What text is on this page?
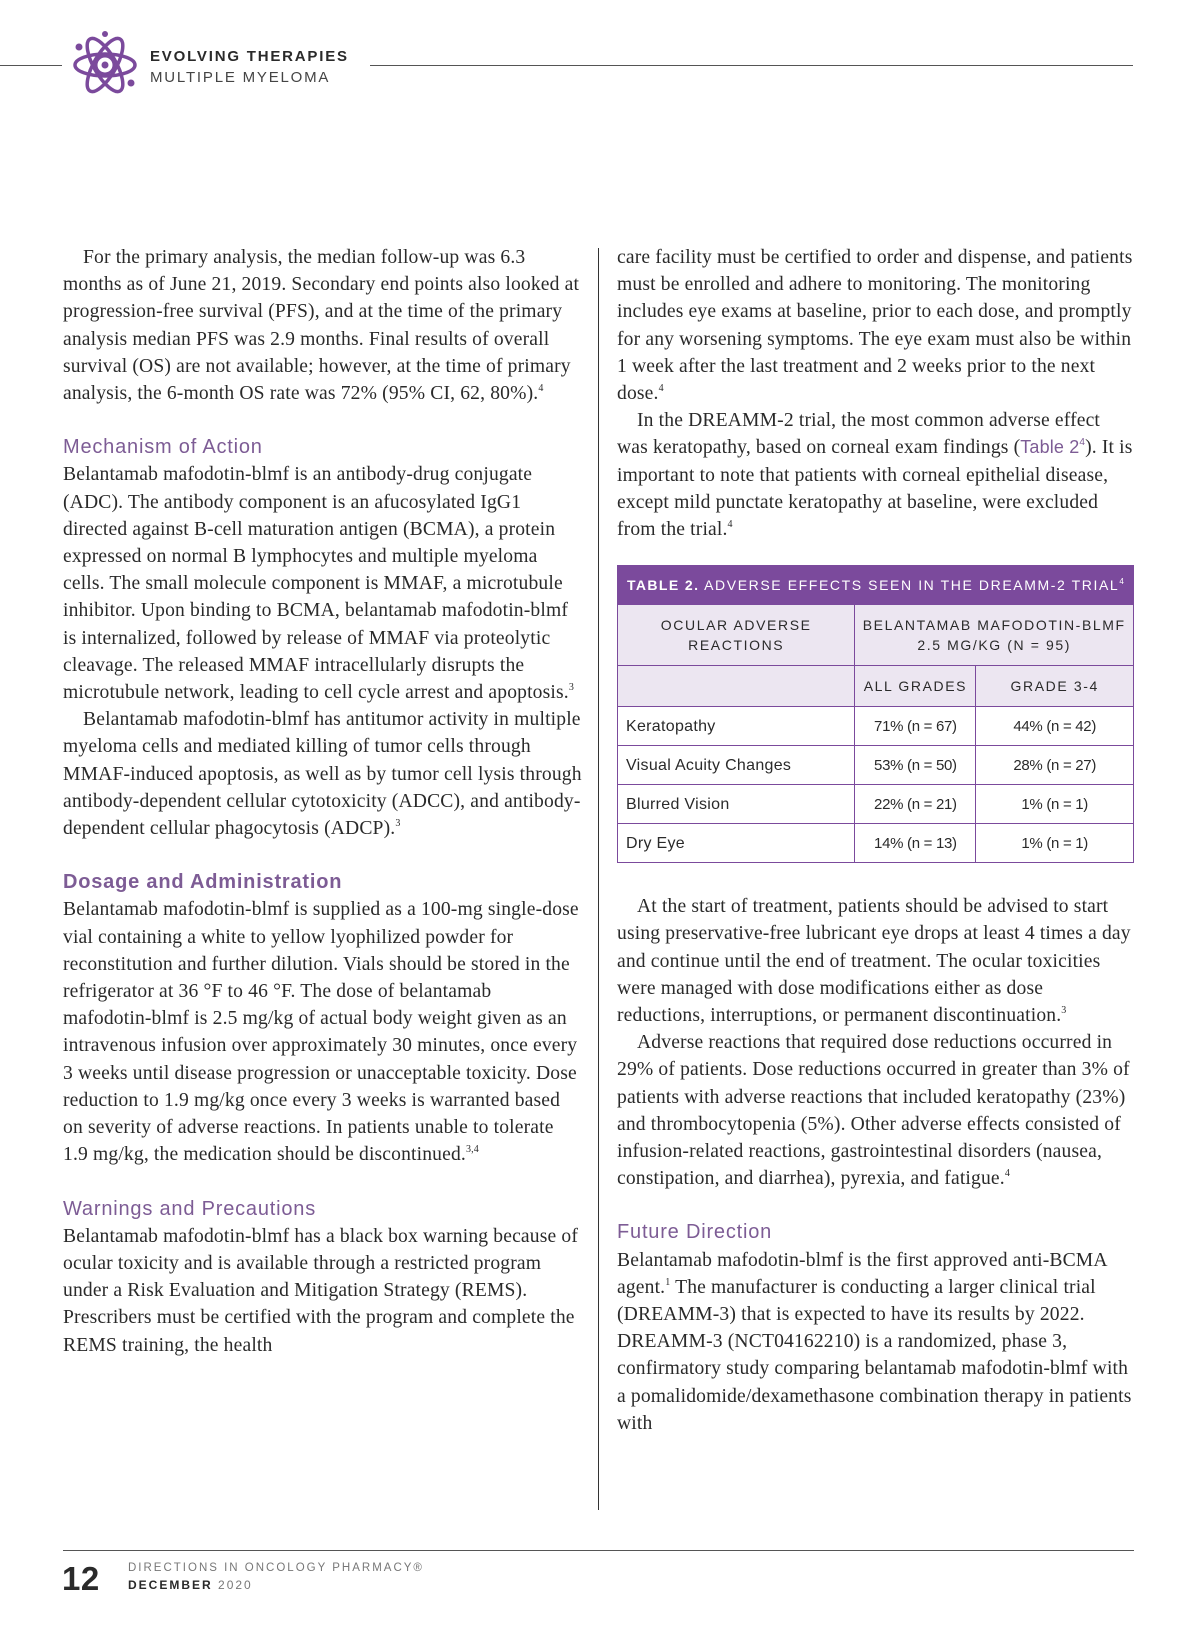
EVOLVING THERAPIES
MULTIPLE MYELOMA

For the primary analysis, the median follow-up was 6.3 months as of June 21, 2019. Secondary end points also looked at progression-free survival (PFS), and at the time of the primary analysis median PFS was 2.9 months. Final results of overall survival (OS) are not available; however, at the time of primary analysis, the 6-month OS rate was 72% (95% CI, 62, 80%).$^4$

Mechanism of Action

Belantamab mafodotin-blmf is an antibody-drug conjugate (ADC). The antibody component is an afucosylated IgG1 directed against B-cell maturation antigen (BCMA), a protein expressed on normal B lymphocytes and multiple myeloma cells. The small molecule component is MMAF, a microtubule inhibitor. Upon binding to BCMA, belantamab mafodotin-blmf is internalized, followed by release of MMAF via proteolytic cleavage. The released MMAF intracellularly disrupts the microtubule network, leading to cell cycle arrest and apoptosis.$^3$

Belantamab mafodotin-blmf has antitumor activity in multiple myeloma cells and mediated killing of tumor cells through MMAF-induced apoptosis, as well as by tumor cell lysis through antibody-dependent cellular cytotoxicity (ADCC), and antibody-dependent cellular phagocytosis (ADCP).$^3$

Dosage and Administration

Belantamab mafodotin-blmf is supplied as a 100-mg single-dose vial containing a white to yellow lyophilized powder for reconstitution and further dilution. Vials should be stored in the refrigerator at 36 °F to 46 °F. The dose of belantamab mafodotin-blmf is 2.5 mg/kg of actual body weight given as an intravenous infusion over approximately 30 minutes, once every 3 weeks until disease progression or unacceptable toxicity. Dose reduction to 1.9 mg/kg once every 3 weeks is warranted based on severity of adverse reactions. In patients unable to tolerate 1.9 mg/kg, the medication should be discontinued.$^{3,4}$

Warnings and Precautions

Belantamab mafodotin-blmf has a black box warning because of ocular toxicity and is available through a restricted program under a Risk Evaluation and Mitigation Strategy (REMS). Prescribers must be certified with the program and complete the REMS training, the health

care facility must be certified to order and dispense, and patients must be enrolled and adhere to monitoring. The monitoring includes eye exams at baseline, prior to each dose, and promptly for any worsening symptoms. The eye exam must also be within 1 week after the last treatment and 2 weeks prior to the next dose.$^4$

In the DREAMM-2 trial, the most common adverse effect was keratopathy, based on corneal exam findings (Table $2^4$). It is important to note that patients with corneal epithelial disease, except mild punctate keratopathy at baseline, were excluded from the trial.$^4$

TABLE 2. ADVERSE EFFECTS SEEN IN THE DREAMM-2 TRIAL$^4$
OCULAR ADVERSE REACTIONS	BELANTAMAB MAFODOTIN-BLMF 2.5 MG/KG (N = 95)	
	ALL GRADES	GRADE 3-4
Keratopathy	71% (n = 67)	44% (n = 42)
Visual Acuity Changes	53% (n = 50)	28% (n = 27)
Blurred Vision	22% (n = 21)	1% (n = 1)
Dry Eye	14% (n = 13)	1% (n = 1)

At the start of treatment, patients should be advised to start using preservative-free lubricant eye drops at least 4 times a day and continue until the end of treatment. The ocular toxicities were managed with dose modifications either as dose reductions, interruptions, or permanent discontinuation.$^3$

Adverse reactions that required dose reductions occurred in 29% of patients. Dose reductions occurred in greater than 3% of patients with adverse reactions that included keratopathy (23%) and thrombocytopenia (5%). Other adverse effects consisted of infusion-related reactions, gastrointestinal disorders (nausea, constipation, and diarrhea), pyrexia, and fatigue.$^4$

Future Direction

Belantamab mafodotin-blmf is the first approved anti-BCMA agent.$^1$ The manufacturer is conducting a larger clinical trial (DREAMM-3) that is expected to have its results by 2022. DREAMM-3 (NCT04162210) is a randomized, phase 3, confirmatory study comparing belantamab mafodotin-blmf with a pomalidomide/dexamethasone combination therapy in patients with

12 DIRECTIONS IN ONCOLOGY PHARMACY®
DECEMBER 2020
